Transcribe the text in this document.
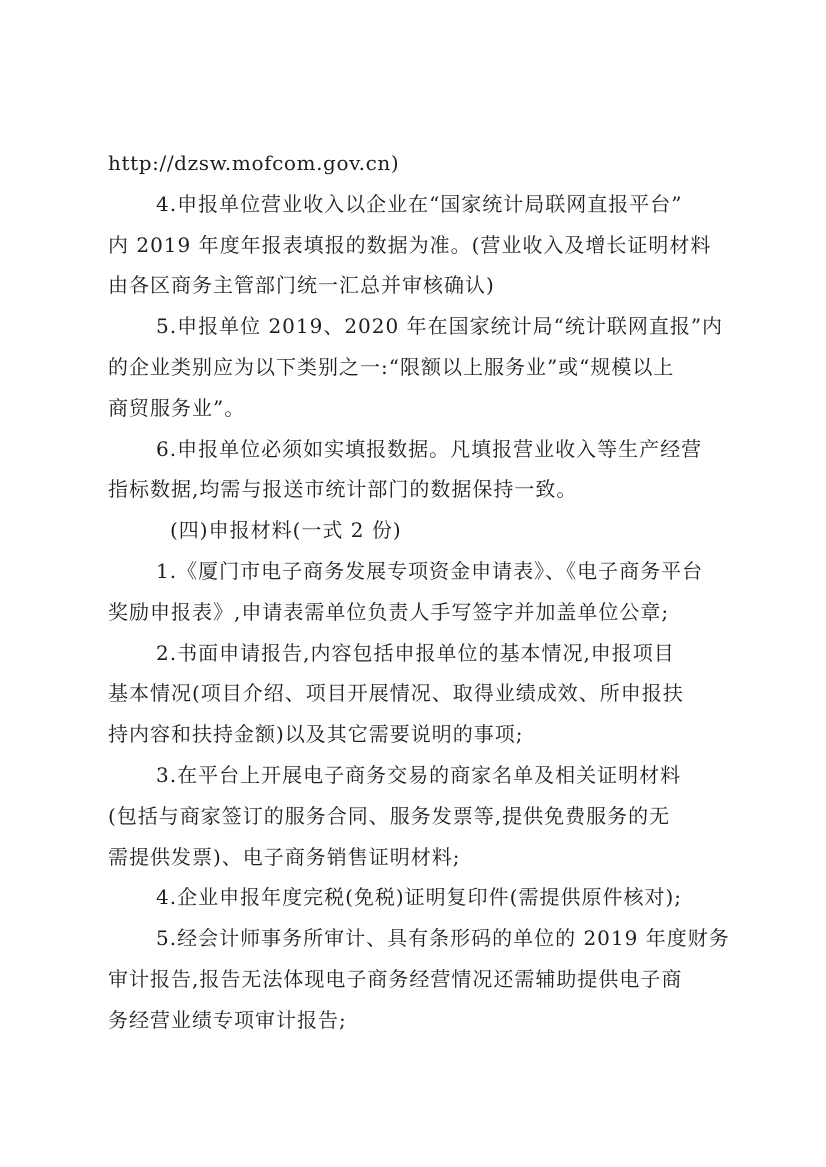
http://dzsw.mofcom.gov.cn)
4.申报单位营业收入以企业在“国家统计局联网直报平台”
内 2019 年度年报表填报的数据为准。(营业收入及增长证明材料
由各区商务主管部门统一汇总并审核确认)
5.申报单位 2019、2020 年在国家统计局“统计联网直报”内
的企业类别应为以下类别之一:“限额以上服务业”或“规模以上
商贸服务业”。
6.申报单位必须如实填报数据。凡填报营业收入等生产经营
指标数据,均需与报送市统计部门的数据保持一致。
(四)申报材料(一式 2 份)
1.《厦门市电子商务发展专项资金申请表》、《电子商务平台
奖励申报表》,申请表需单位负责人手写签字并加盖单位公章;
2.书面申请报告,内容包括申报单位的基本情况,申报项目
基本情况(项目介绍、项目开展情况、取得业绩成效、所申报扶
持内容和扶持金额)以及其它需要说明的事项;
3.在平台上开展电子商务交易的商家名单及相关证明材料
(包括与商家签订的服务合同、服务发票等,提供免费服务的无
需提供发票)、电子商务销售证明材料;
4.企业申报年度完税(免税)证明复印件(需提供原件核对);
5.经会计师事务所审计、具有条形码的单位的 2019 年度财务
审计报告,报告无法体现电子商务经营情况还需辅助提供电子商
务经营业绩专项审计报告;
